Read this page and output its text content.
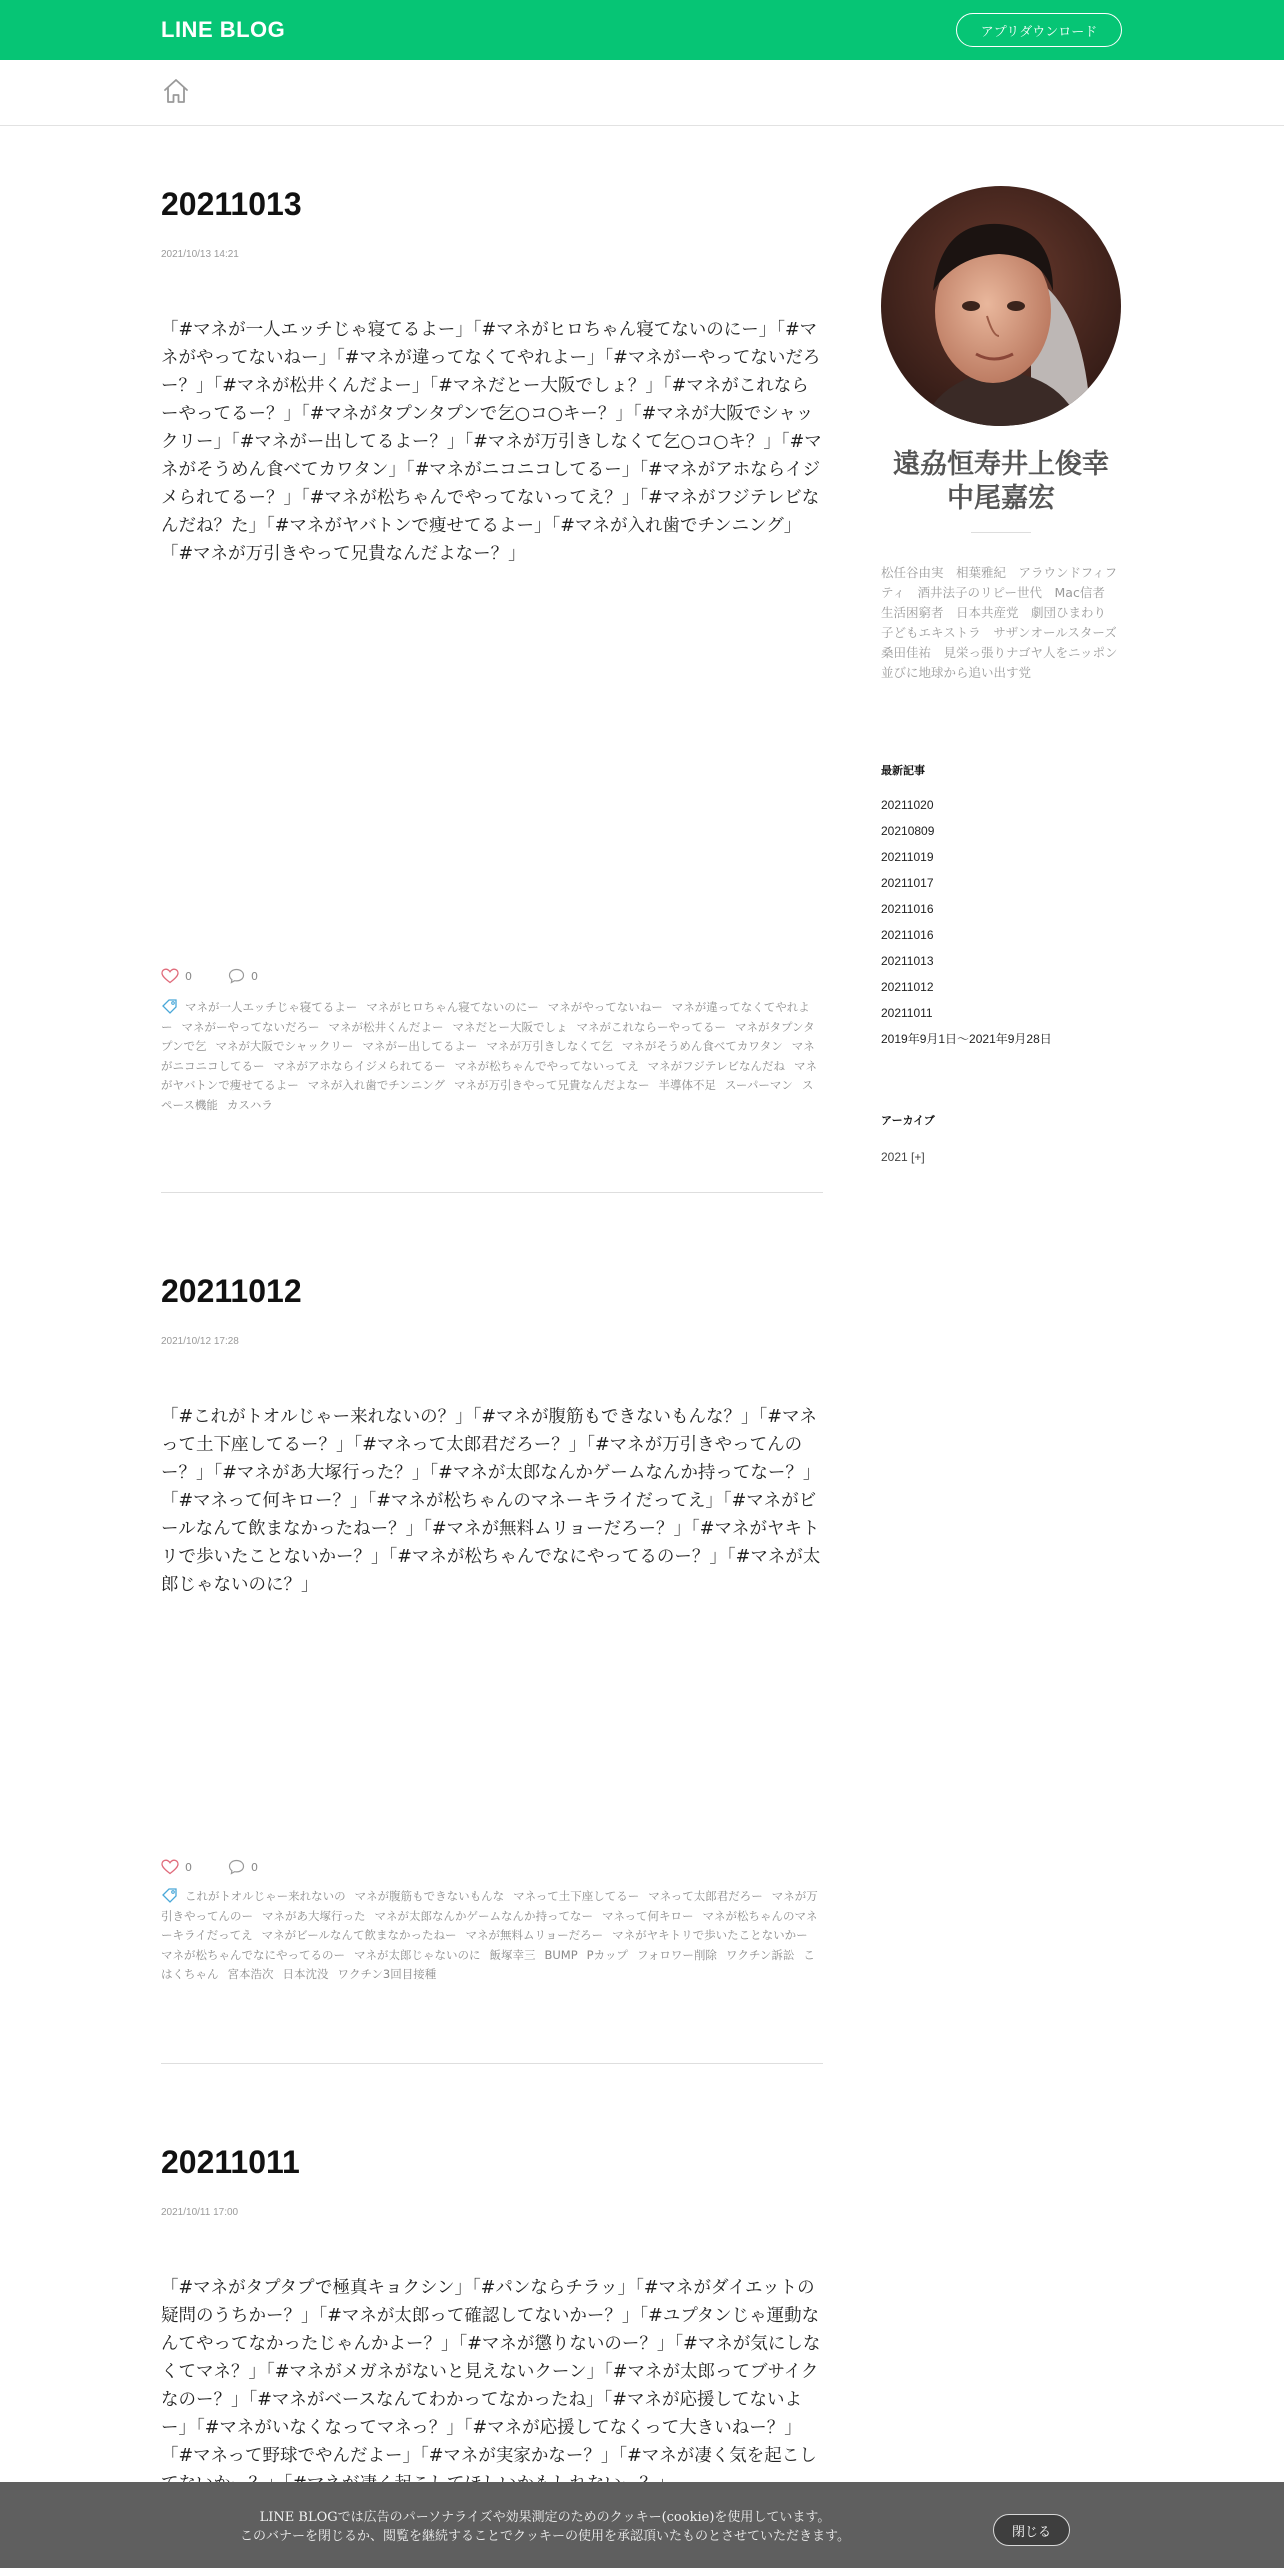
LINE BLOG	アプリダウンロード
20211013
2021/10/13 14:21

「#マネが一人エッチじゃ寝てるよー」「#マネがヒロちゃん寝てないのにー」「#マネがやってないねー」「#マネが違ってなくてやれよー」「#マネがーやってないだろー？」「#マネが松井くんだよー」「#マネだとー大阪でしょ？」「#マネがこれならーやってるー？」「#マネがタプンタプンで乞○コ○キー？」「#マネが大阪でシャックリー」「#マネがー出してるよー？」「#マネが万引きしなくて乞○コ○キ？」「#マネがそうめん食べてカワタン」「#マネがニコニコしてるー」「#マネがアホならイジメられてるー？」「#マネが松ちゃんでやってないってえ？」「#マネがフジテレビなんだね？た」「#マネがヤバトンで痩せてるよー」「#マネが入れ歯でチンニング」「#マネが万引きやって兄貴なんだよなー？」

0	0
マネが一人エッチじゃ寝てるよー マネがヒロちゃん寝てないのにー マネがやってないねー マネが違ってなくてやれよー マネがーやってないだろー マネが松井くんだよー マネだとー大阪でしょ マネがこれならーやってるー マネがタプンタプンで乞 マネが大阪でシャックリー マネがー出してるよー マネが万引きしなくて乞 マネがそうめん食べてカワタン マネがニコニコしてるー マネがアホならイジメられてるー マネが松ちゃんでやってないってえ マネがフジテレビなんだね マネがヤバトンで痩せてるよー マネが入れ歯でチンニング マネが万引きやって兄貴なんだよなー 半導体不足 スーパーマン スペース機能 カスハラ
20211012
2021/10/12 17:28

「#これがトオルじゃー来れないの？」「#マネが腹筋もできないもんな？」「#マネって土下座してるー？」「#マネって太郎君だろー？」「#マネが万引きやってんのー？」「#マネがあ大塚行った？」「#マネが太郎なんかゲームなんか持ってなー？」「#マネって何キロー？」「#マネが松ちゃんのマネーキライだってえ」「#マネがビールなんて飲まなかったねー？」「#マネが無料ムリョーだろー？」「#マネがヤキトリで歩いたことないかー？」「#マネが松ちゃんでなにやってるのー？」「#マネが太郎じゃないのに？」

0	0
これがトオルじゃー来れないの マネが腹筋もできないもんな マネって土下座してるー マネって太郎君だろー マネが万引きやってんのー マネがあ大塚行った マネが太郎なんかゲームなんか持ってなー マネって何キロー マネが松ちゃんのマネーキライだってえ マネがビールなんて飲まなかったねー マネが無料ムリョーだろー マネがヤキトリで歩いたことないかーマネが松ちゃんでなにやってるのー マネが太郎じゃないのに 飯塚幸三 BUMP Pカップ フォロワー削除 ワクチン訴訟 こはくちゃん 宮本浩次 日本沈没 ワクチン3回目接種
20211011
2021/10/11 17:00

「#マネがタプタプで極真キョクシン」「#パンならチラッ」「#マネがダイエットの疑問のうちかー？」「#マネが太郎って確認してないかー？」「#ユプタンじゃ運動なんてやってなかったじゃんかよー？」「#マネが懲りないのー？」「#マネが気にしなくてマネ？」「#マネがメガネがないと見えないクーン」「#マネが太郎ってブサイクなのー？」「#マネがベースなんてわかってなかったね」「#マネが応援してないよー」「#マネがいなくなってマネっ？」「#マネが応援してなくって大きいねー？」「#マネって野球でやんだよー」「#マネが実家かなー？」「#マネが凄く気を起こし

遠劦恒寿井上俊幸中尾嘉宏

松任谷由実　相葉雅紀　アラウンドフィフティ　酒井法子のリピー世代　Mac信者　生活困窮者　日本共産党　劇団ひまわり　子どもエキストラ　サザンオールスターズ　桑田佳祐　見栄っ張りナゴヤ人をニッポン並びに地球から追い出す党

最新記事
20211020
20210809
20211019
20211017
20211016
20211016
20211013
20211012
20211011
2019年9月1日〜2021年9月28日
アーカイブ
2021 [+]
LINE BLOGでは広告のパーソナライズや効果測定のためのクッキー(cookie)を使用しています。
このバナーを閉じるか、閲覧を継続することでクッキーの使用を承認頂いたものとさせていただきます。	閉じる
